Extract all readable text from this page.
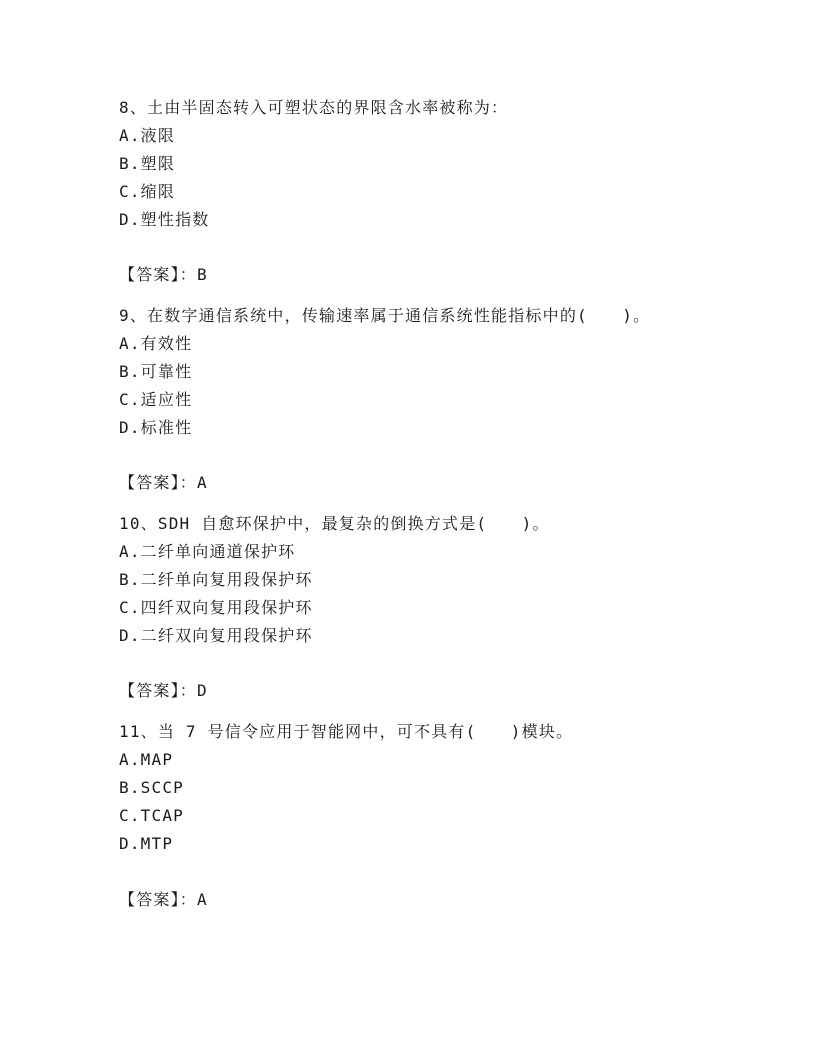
8、土由半固态转入可塑状态的界限含水率被称为：
A.液限
B.塑限
C.缩限
D.塑性指数
【答案】：B
9、在数字通信系统中，传输速率属于通信系统性能指标中的(　　)。
A.有效性
B.可靠性
C.适应性
D.标准性
【答案】：A
10、SDH 自愈环保护中，最复杂的倒换方式是(　　)。
A.二纤单向通道保护环
B.二纤单向复用段保护环
C.四纤双向复用段保护环
D.二纤双向复用段保护环
【答案】：D
11、当 7 号信令应用于智能网中，可不具有(　　)模块。
A.MAP
B.SCCP
C.TCAP
D.MTP
【答案】：A
